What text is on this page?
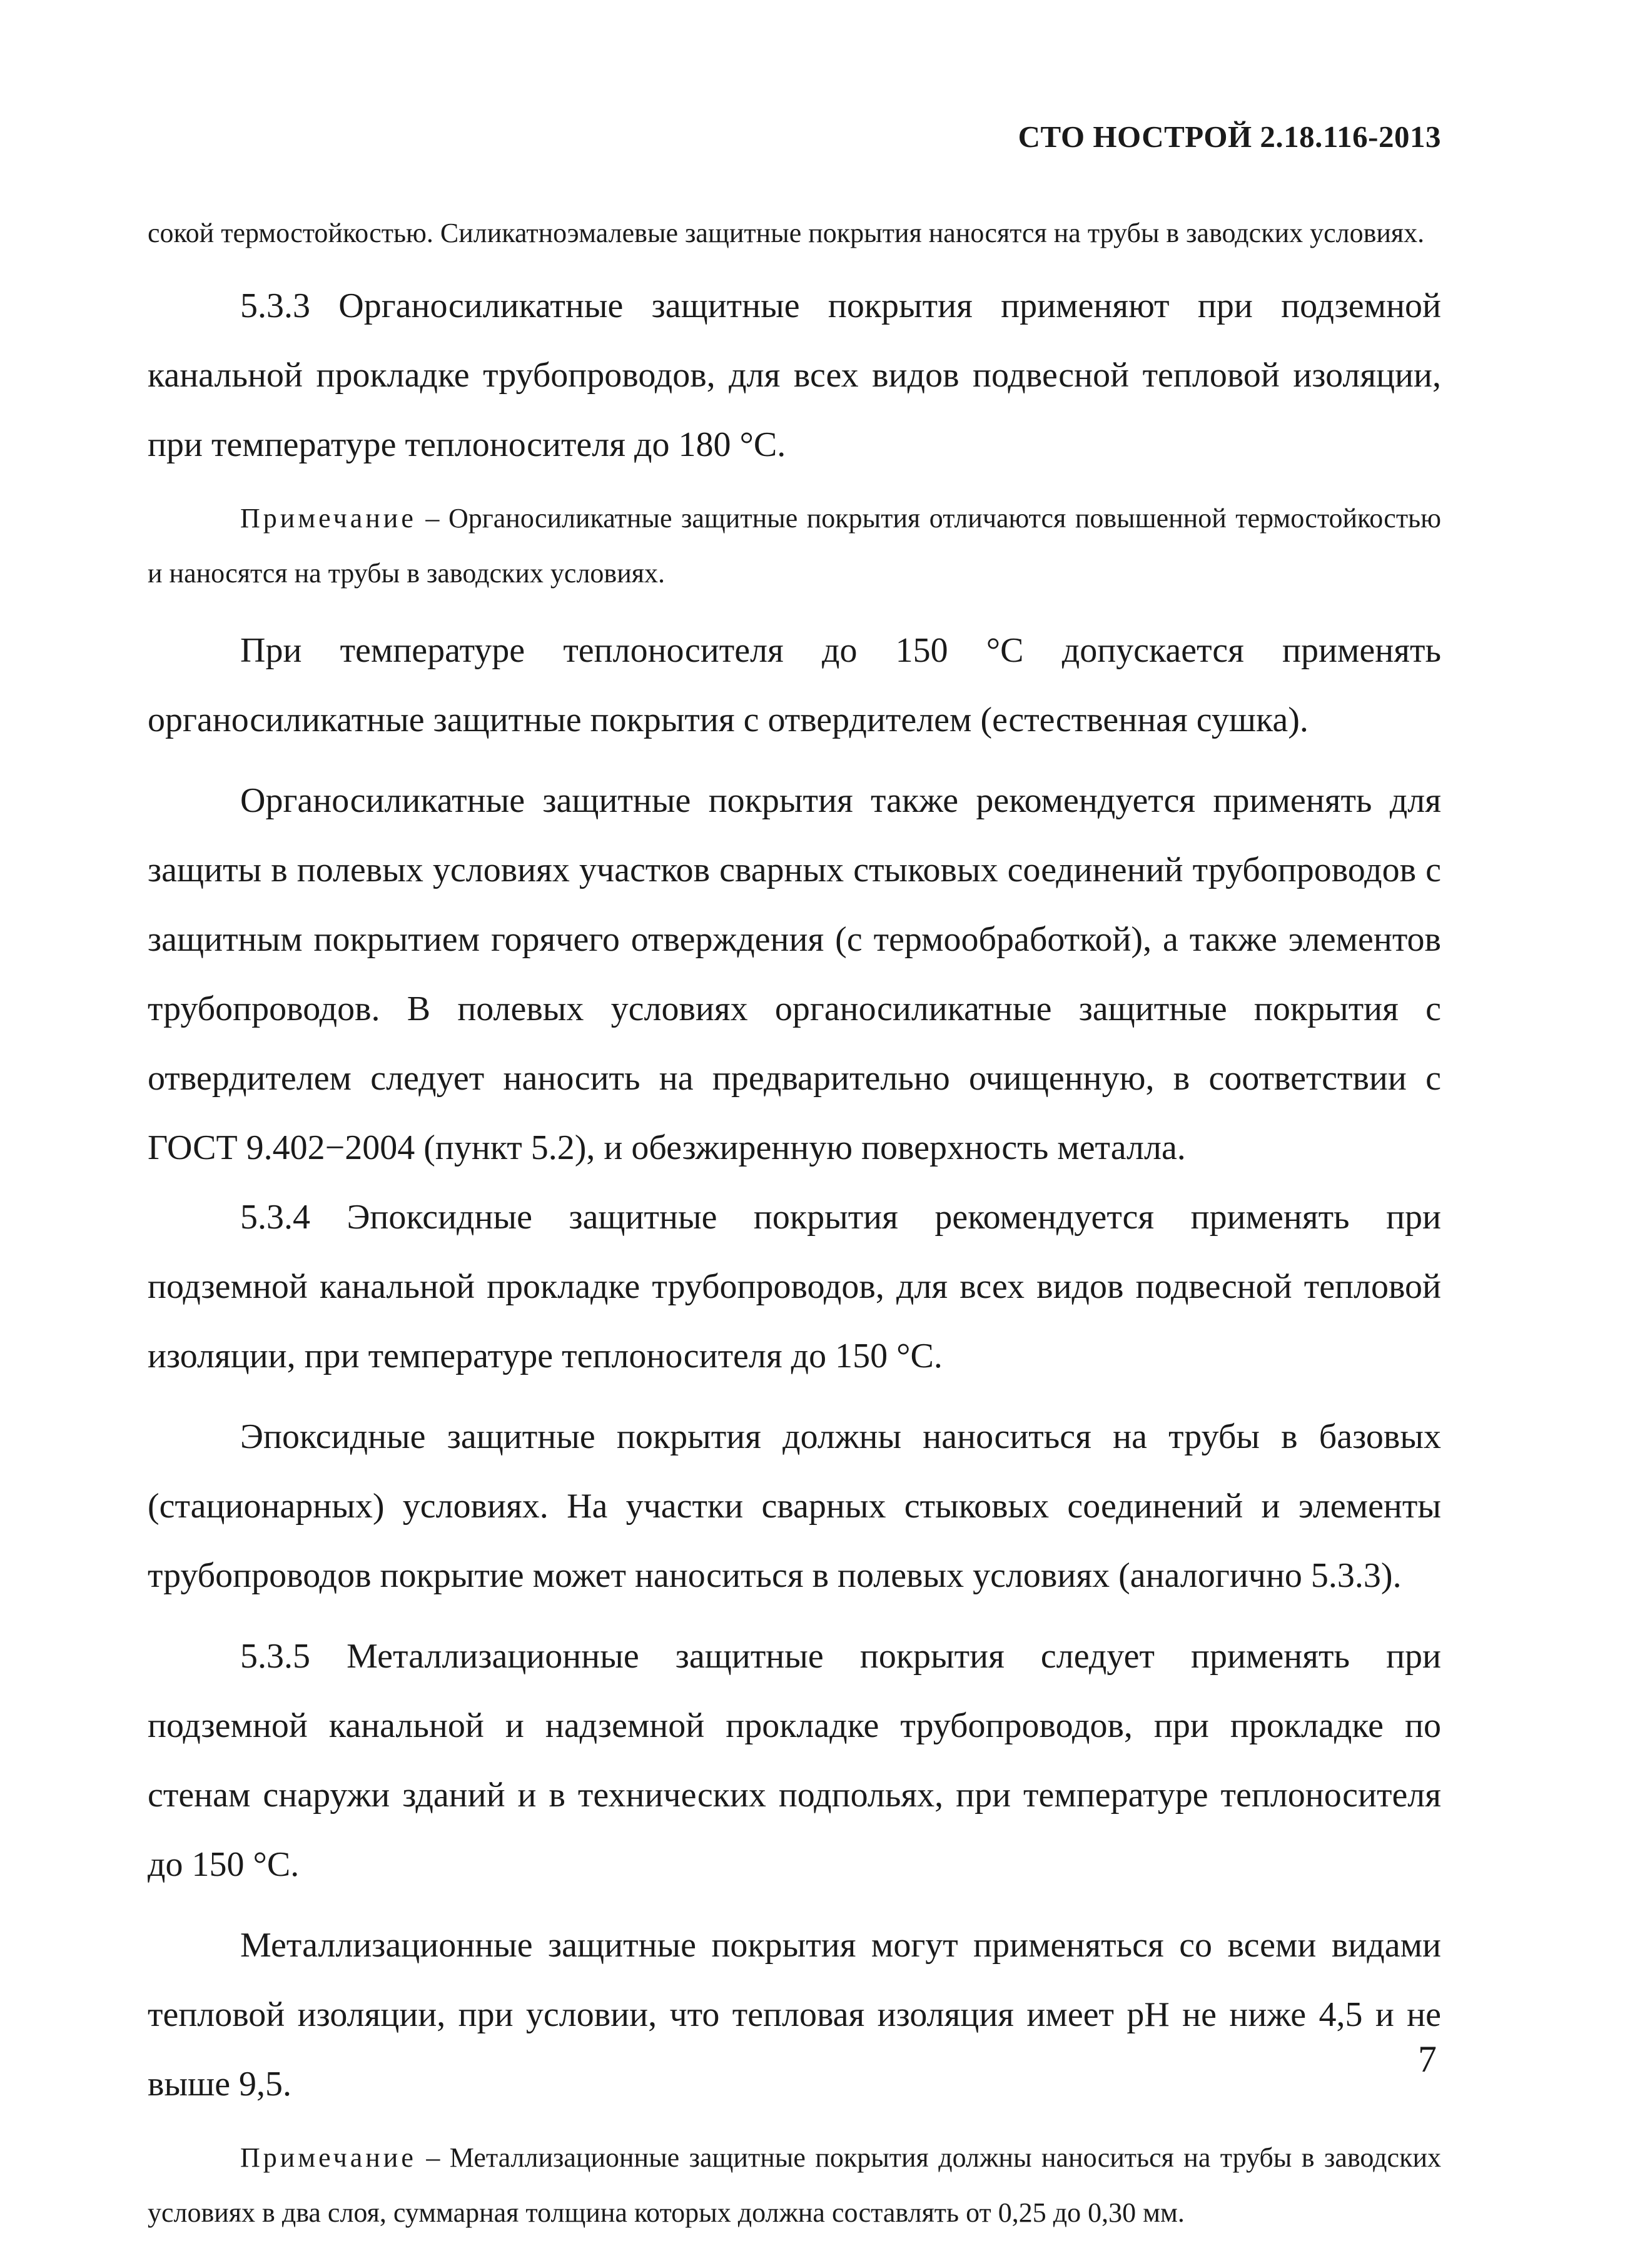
СТО НОСТРОЙ 2.18.116-2013

сокой термостойкостью. Силикатноэмалевые защитные покрытия наносятся на трубы в заводских условиях.

5.3.3 Органосиликатные защитные покрытия применяют при подземной канальной прокладке трубопроводов, для всех видов подвесной тепловой изоляции, при температуре теплоносителя до 180 °С.

Примечание – Органосиликатные защитные покрытия отличаются повышенной термостойкостью и наносятся на трубы в заводских условиях.

При температуре теплоносителя до 150 °С допускается применять органосиликатные защитные покрытия с отвердителем (естественная сушка).

Органосиликатные защитные покрытия также рекомендуется применять для защиты в полевых условиях участков сварных стыковых соединений трубопроводов с защитным покрытием горячего отверждения (с термообработкой), а также элементов трубопроводов. В полевых условиях органосиликатные защитные покрытия с отвердителем следует наносить на предварительно очищенную, в соответствии с ГОСТ 9.402−2004 (пункт 5.2), и обезжиренную поверхность металла.

5.3.4 Эпоксидные защитные покрытия рекомендуется применять при подземной канальной прокладке трубопроводов, для всех видов подвесной тепловой изоляции, при температуре теплоносителя до 150 °С.

Эпоксидные защитные покрытия должны наноситься на трубы в базовых (стационарных) условиях. На участки сварных стыковых соединений и элементы трубопроводов покрытие может наноситься в полевых условиях (аналогично 5.3.3).

5.3.5 Металлизационные защитные покрытия следует применять при подземной канальной и надземной прокладке трубопроводов, при прокладке по стенам снаружи зданий и в технических подпольях, при температуре теплоносителя до 150 °С.

Металлизационные защитные покрытия могут применяться со всеми видами тепловой изоляции, при условии, что тепловая изоляция имеет рН не ниже 4,5 и не выше 9,5.

Примечание – Металлизационные защитные покрытия должны наноситься на трубы в заводских условиях в два слоя, суммарная толщина которых должна составлять от 0,25 до 0,30 мм.

7
